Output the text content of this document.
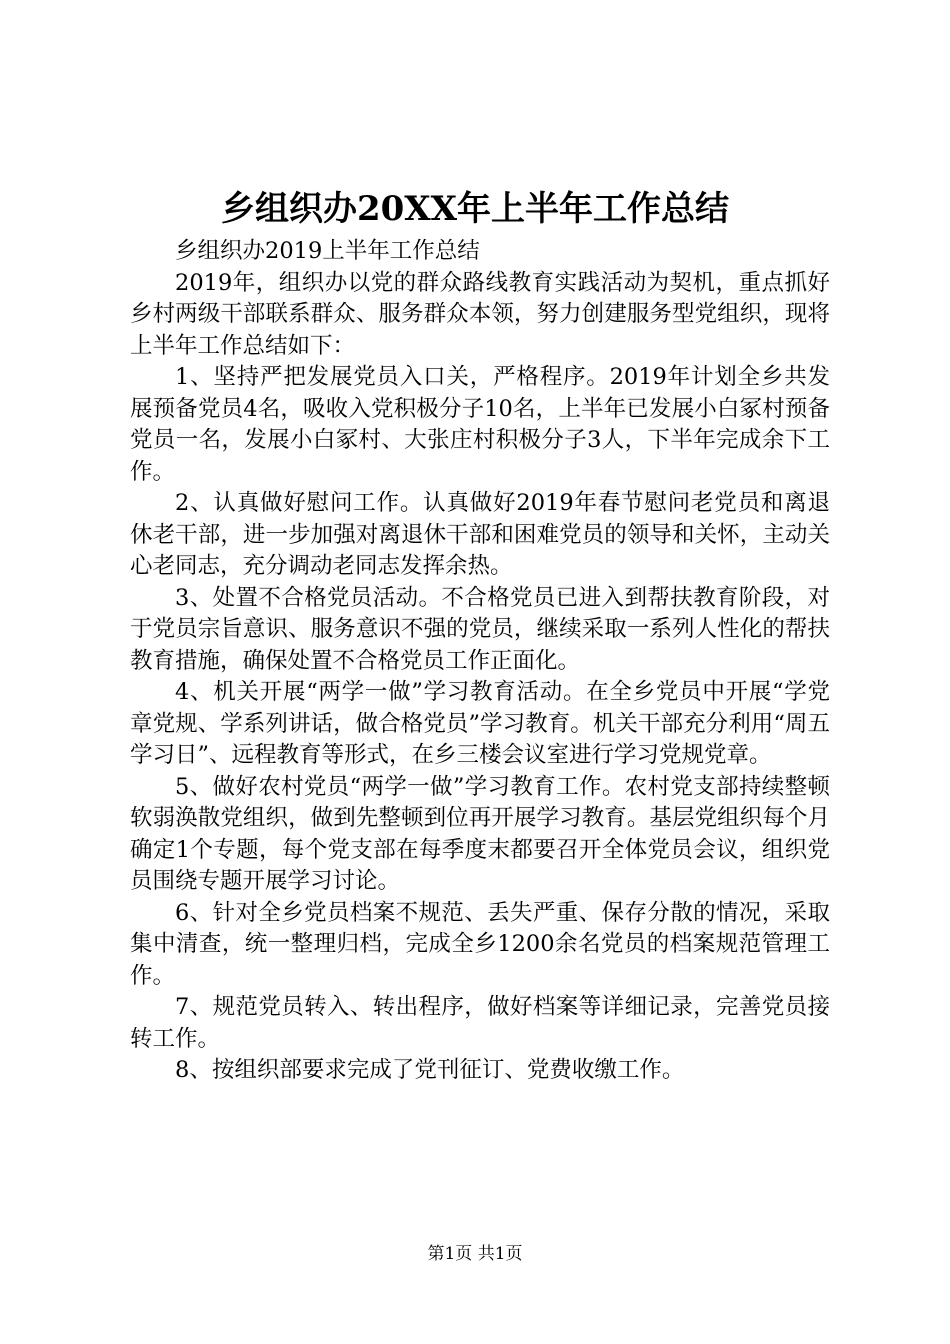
乡组织办20XX年上半年工作总结

乡组织办2019上半年工作总结

2019年，组织办以党的群众路线教育实践活动为契机，重点抓好乡村两级干部联系群众、服务群众本领，努力创建服务型党组织，现将上半年工作总结如下：

1、坚持严把发展党员入口关，严格程序。2019年计划全乡共发展预备党员4名，吸收入党积极分子10名，上半年已发展小白冢村预备党员一名，发展小白冢村、大张庄村积极分子3人，下半年完成余下工作。

2、认真做好慰问工作。认真做好2019年春节慰问老党员和离退休老干部，进一步加强对离退休干部和困难党员的领导和关怀，主动关心老同志，充分调动老同志发挥余热。

3、处置不合格党员活动。不合格党员已进入到帮扶教育阶段，对于党员宗旨意识、服务意识不强的党员，继续采取一系列人性化的帮扶教育措施，确保处置不合格党员工作正面化。

4、机关开展“两学一做”学习教育活动。在全乡党员中开展“学党章党规、学系列讲话，做合格党员”学习教育。机关干部充分利用“周五学习日”、远程教育等形式，在乡三楼会议室进行学习党规党章。

5、做好农村党员“两学一做”学习教育工作。农村党支部持续整顿软弱涣散党组织，做到先整顿到位再开展学习教育。基层党组织每个月确定1个专题，每个党支部在每季度末都要召开全体党员会议，组织党员围绕专题开展学习讨论。

6、针对全乡党员档案不规范、丢失严重、保存分散的情况，采取集中清查，统一整理归档，完成全乡1200余名党员的档案规范管理工作。

7、规范党员转入、转出程序，做好档案等详细记录，完善党员接转工作。

8、按组织部要求完成了党刊征订、党费收缴工作。

第1页 共1页
